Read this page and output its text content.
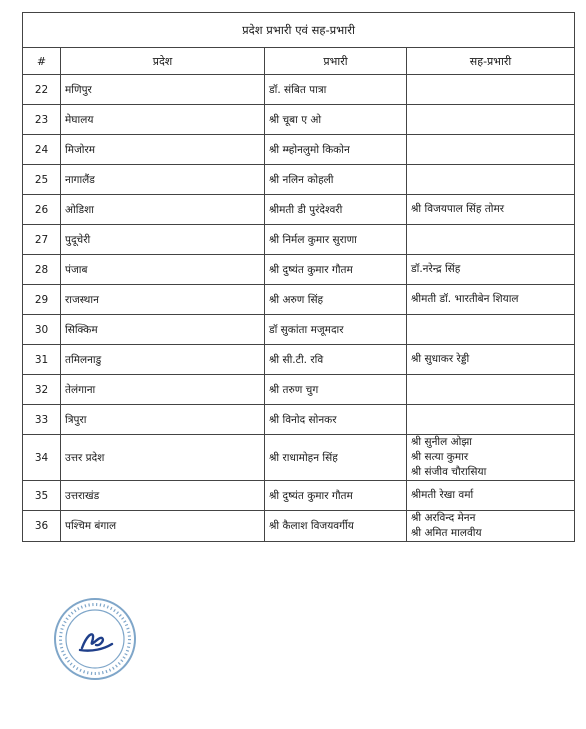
प्रदेश प्रभारी एवं सह-प्रभारी			
#	प्रदेश	प्रभारी	सह-प्रभारी
22	मणिपुर	डॉ. संबित पात्रा	
23	मेघालय	श्री चूबा ए ओ	
24	मिजोरम	श्री म्म्होनलुमो किकोन	
25	नागालैंड	श्री नलिन कोहली	
26	ओडिशा	श्रीमती डी पुरंदेश्वरी	श्री विजयपाल सिंह तोमर

27	पुदूचेरी	श्री निर्मल कुमार सुराणा	
28	पंजाब	श्री दुष्यंत कुमार गौतम	डॉ.नरेन्द्र सिंह

29	राजस्थान	श्री अरुण सिंह	श्रीमती डॉ. भारतीबेन शियाल

30	सिक्किम	डॉ सुकांता मजूमदार	
31	तमिलनाडु	श्री सी.टी. रवि	श्री सुधाकर रेड्डी

32	तेलंगाना	श्री तरुण चुग	
33	त्रिपुरा	श्री विनोद सोनकर	
34	उत्तर प्रदेश	श्री राधामोहन सिंह	श्री सुनील ओझा
श्री सत्या कुमार
श्री संजीव चौरासिया

35	उत्तराखंड	श्री दुष्यंत कुमार गौतम	श्रीमती रेखा वर्मा

36	पश्चिम बंगाल	श्री कैलाश विजयवर्गीय	श्री अरविन्द मेनन
श्री अमित मालवीय
